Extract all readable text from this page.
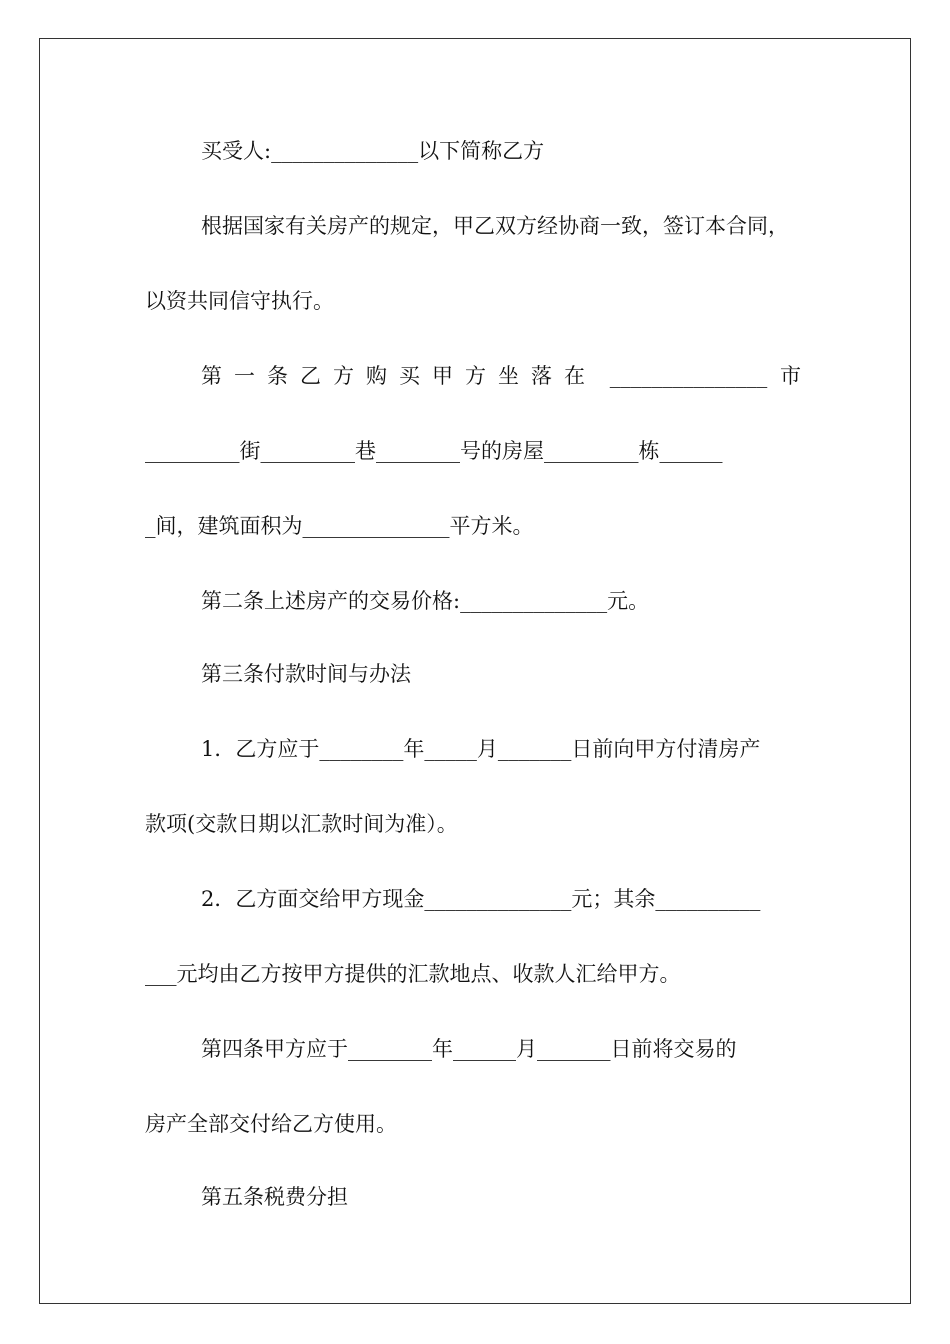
买受人:______________以下简称乙方
根据国家有关房产的规定，甲乙双方经协商一致，签订本合同，
以资共同信守执行。
第一条乙方购买甲方坐落在 _______________ 市
_________街_________巷________号的房屋_________栋______
_间，建筑面积为______________平方米。
第二条上述房产的交易价格:______________元。
第三条付款时间与办法
1．乙方应于________年_____月_______日前向甲方付清房产
款项(交款日期以汇款时间为准）。
2．乙方面交给甲方现金______________元；其余__________
___元均由乙方按甲方提供的汇款地点、收款人汇给甲方。
第四条甲方应于________年______月_______日前将交易的
房产全部交付给乙方使用。
第五条税费分担
